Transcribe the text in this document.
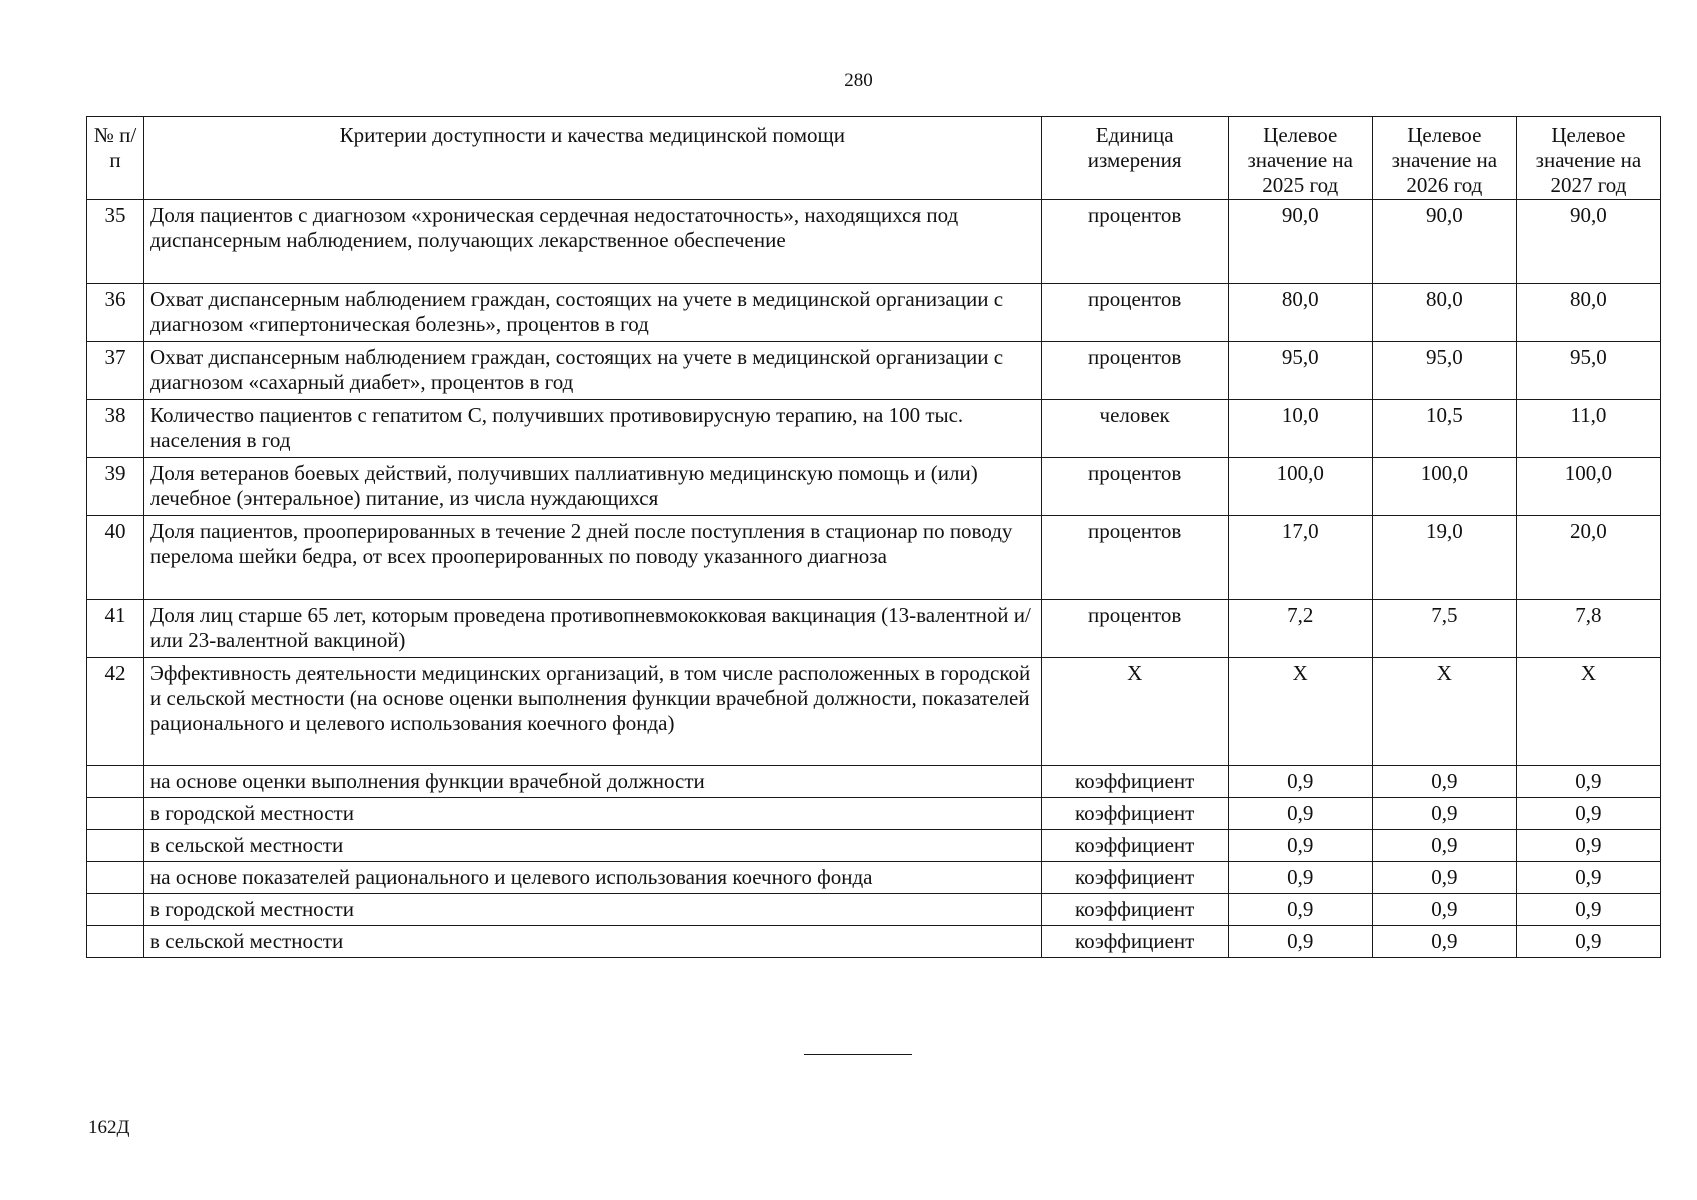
280
№ п/п	Критерии доступности и качества медицинской помощи	Единица измерения	Целевое значение на 2025 год	Целевое значение на 2026 год	Целевое значение на 2027 год
35	Доля пациентов с диагнозом «хроническая сердечная недостаточность», находящихся под диспансерным наблюдением, получающих лекарственное обеспечение	процентов	90,0	90,0	90,0
36	Охват диспансерным наблюдением граждан, состоящих на учете в медицинской организации с диагнозом «гипертоническая болезнь», процентов в год	процентов	80,0	80,0	80,0
37	Охват диспансерным наблюдением граждан, состоящих на учете в медицинской организации с диагнозом «сахарный диабет», процентов в год	процентов	95,0	95,0	95,0
38	Количество пациентов с гепатитом С, получивших противовирусную терапию, на 100 тыс. населения в год	человек	10,0	10,5	11,0
39	Доля ветеранов боевых действий, получивших паллиативную медицинскую помощь и (или) лечебное (энтеральное) питание, из числа нуждающихся	процентов	100,0	100,0	100,0
40	Доля пациентов, прооперированных в течение 2 дней после поступления в стационар по поводу перелома шейки бедра, от всех прооперированных по поводу указанного диагноза	процентов	17,0	19,0	20,0
41	Доля лиц старше 65 лет, которым проведена противопневмококковая вакцинация (13-валентной и/или 23-валентной вакциной)	процентов	7,2	7,5	7,8
42	Эффективность деятельности медицинских организаций, в том числе расположенных в городской и сельской местности (на основе оценки выполнения функции врачебной должности, показателей рационального и целевого использования коечного фонда)	Х	Х	Х	Х
	на основе оценки выполнения функции врачебной должности	коэффициент	0,9	0,9	0,9
	в городской местности	коэффициент	0,9	0,9	0,9
	в сельской местности	коэффициент	0,9	0,9	0,9
	на основе показателей рационального и целевого использования коечного фонда	коэффициент	0,9	0,9	0,9
	в городской местности	коэффициент	0,9	0,9	0,9
	в сельской местности	коэффициент	0,9	0,9	0,9
162Д
